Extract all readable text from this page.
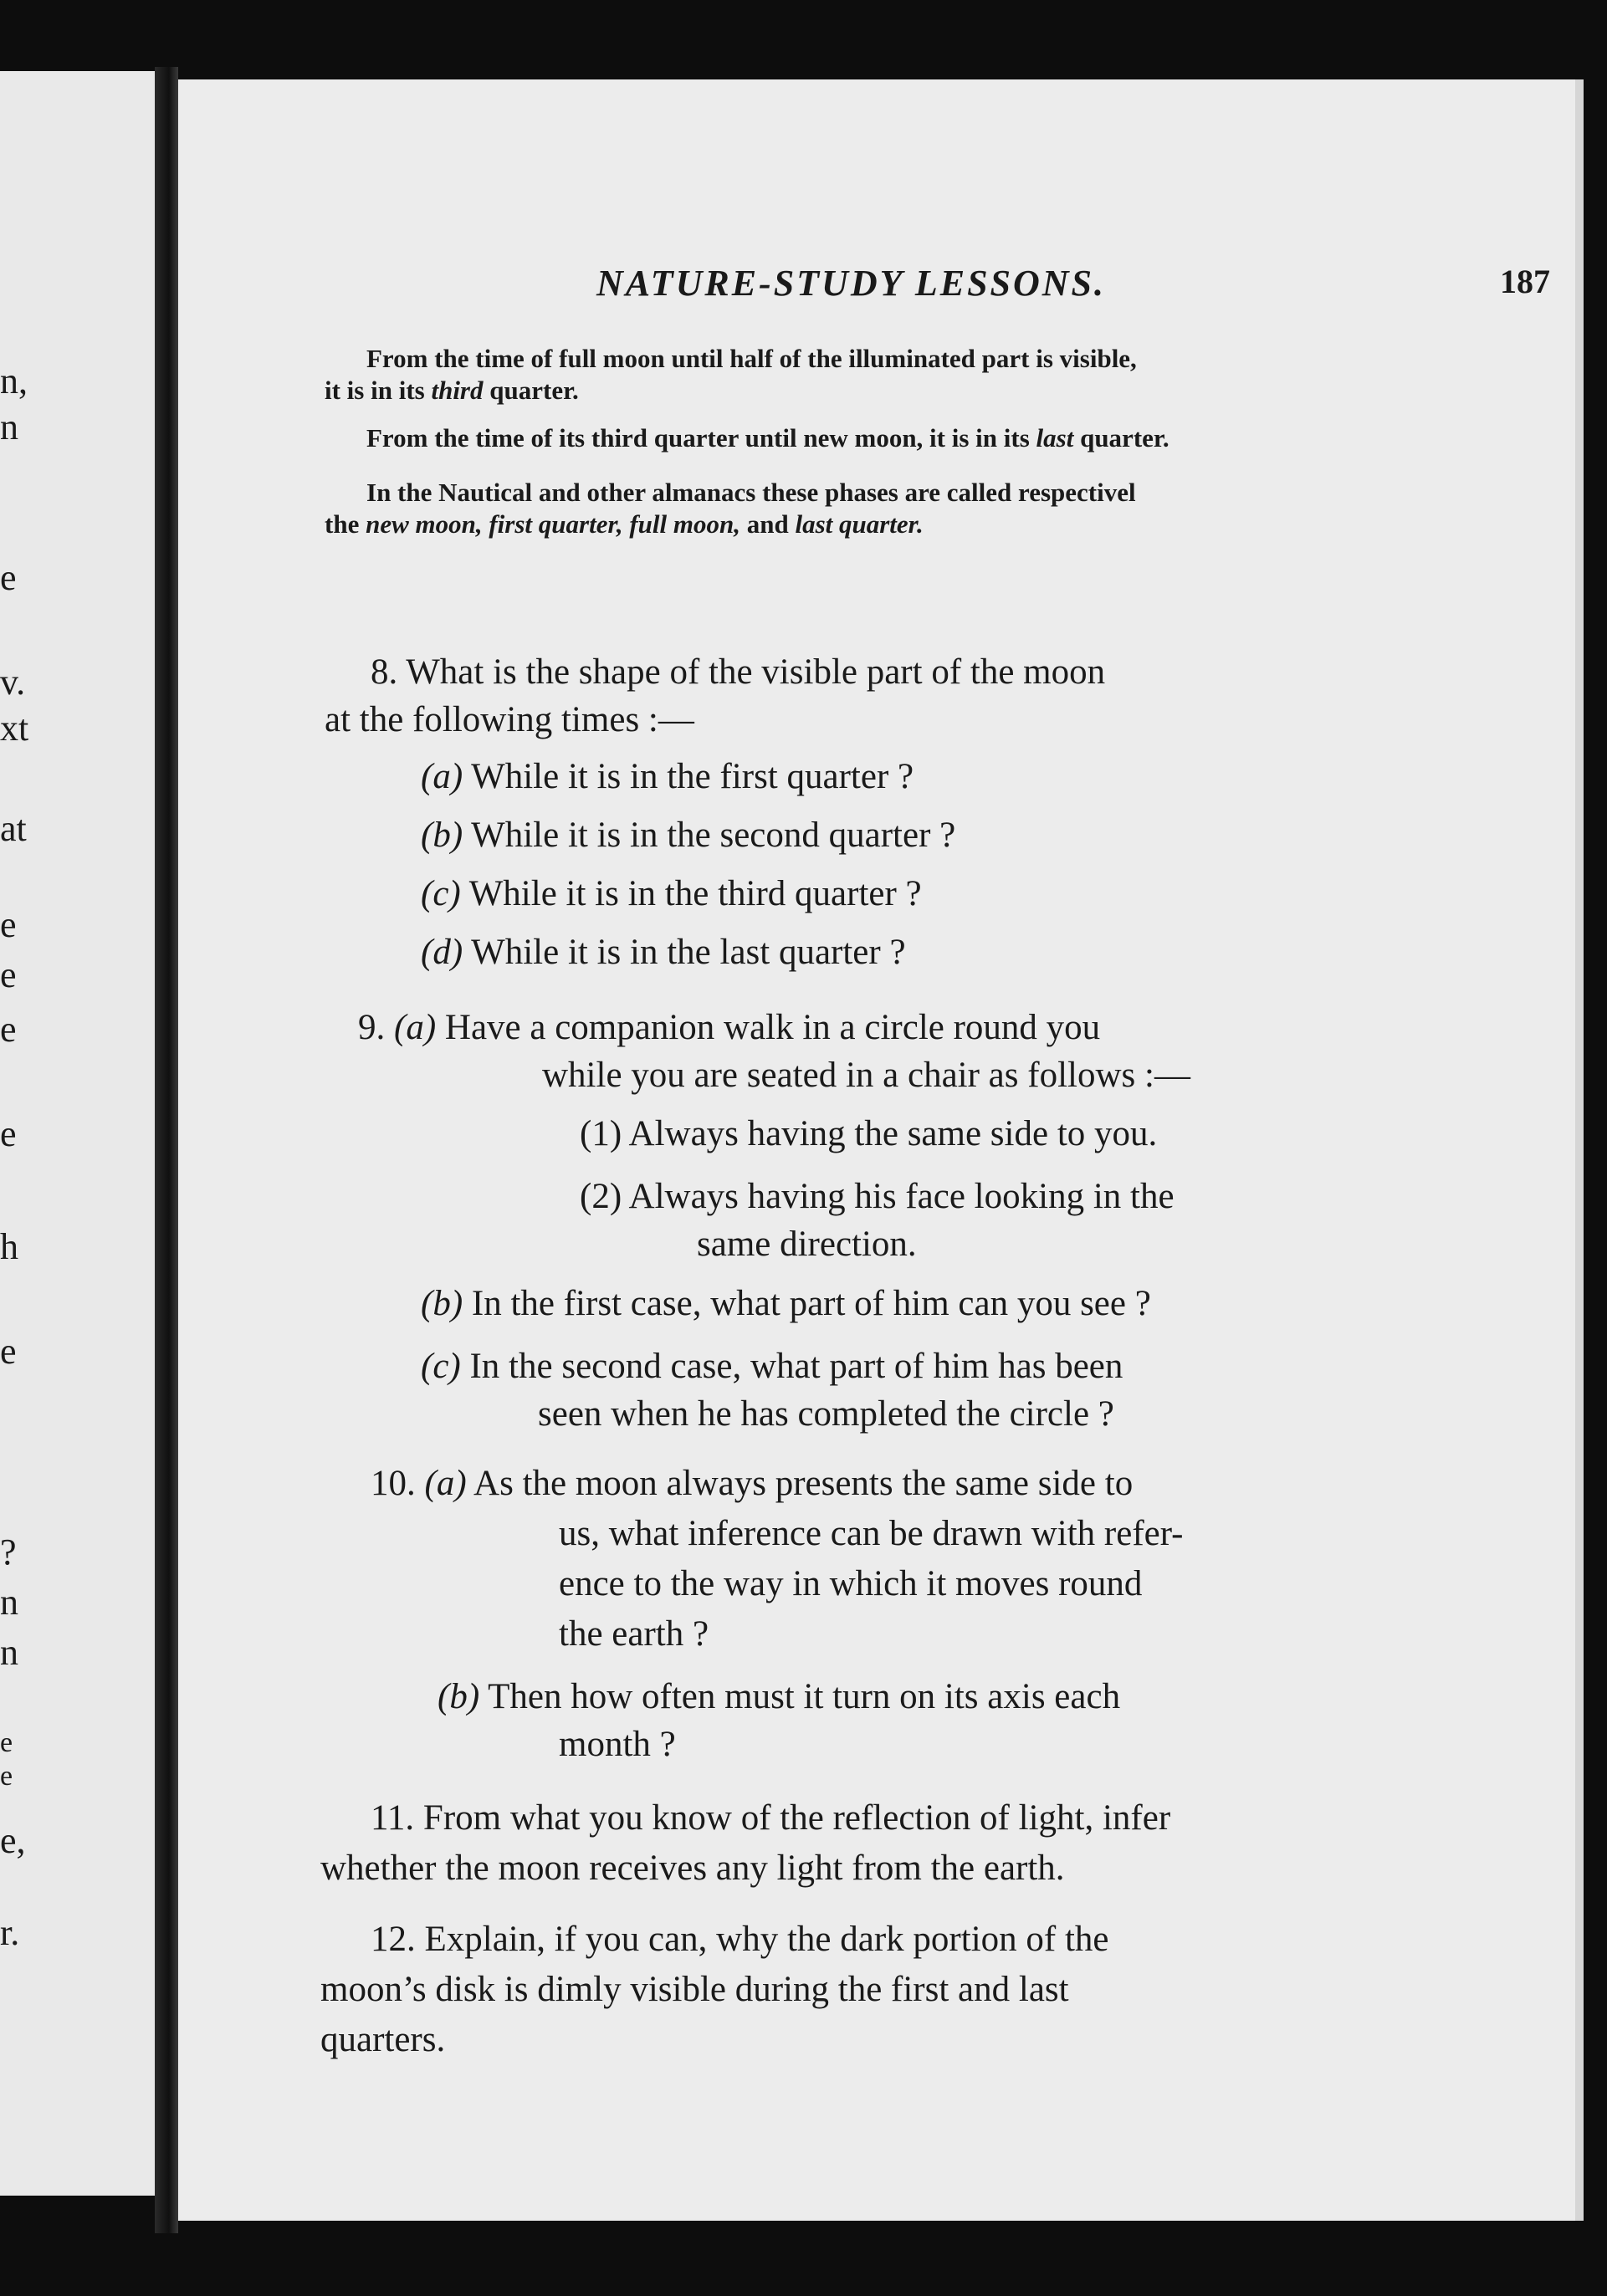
n,
n
e
v.
xt
at
e
e
e
e
h
e
?
n
n
e
e
e,
r.
NATURE-STUDY LESSONS.	187
From the time of full moon until half of the illuminated part is visible,
it is in its third quarter.
From the time of its third quarter until new moon, it is in its last quarter.
In the Nautical and other almanacs these phases are called respectivel
the new moon, first quarter, full moon, and last quarter.
8. What is the shape of the visible part of the moon
at the following times :—
(a) While it is in the first quarter ?
(b) While it is in the second quarter ?
(c) While it is in the third quarter ?
(d) While it is in the last quarter ?
9. (a) Have a companion walk in a circle round you
while you are seated in a chair as follows :—
(1) Always having the same side to you.
(2) Always having his face looking in the
same direction.
(b) In the first case, what part of him can you see ?
(c) In the second case, what part of him has been
seen when he has completed the circle ?
10. (a) As the moon always presents the same side to
us, what inference can be drawn with refer-
ence to the way in which it moves round
the earth ?
(b) Then how often must it turn on its axis each
month ?
11. From what you know of the reflection of light, infer
whether the moon receives any light from the earth.
12. Explain, if you can, why the dark portion of the
moon’s disk is dimly visible during the first and last
quarters.
